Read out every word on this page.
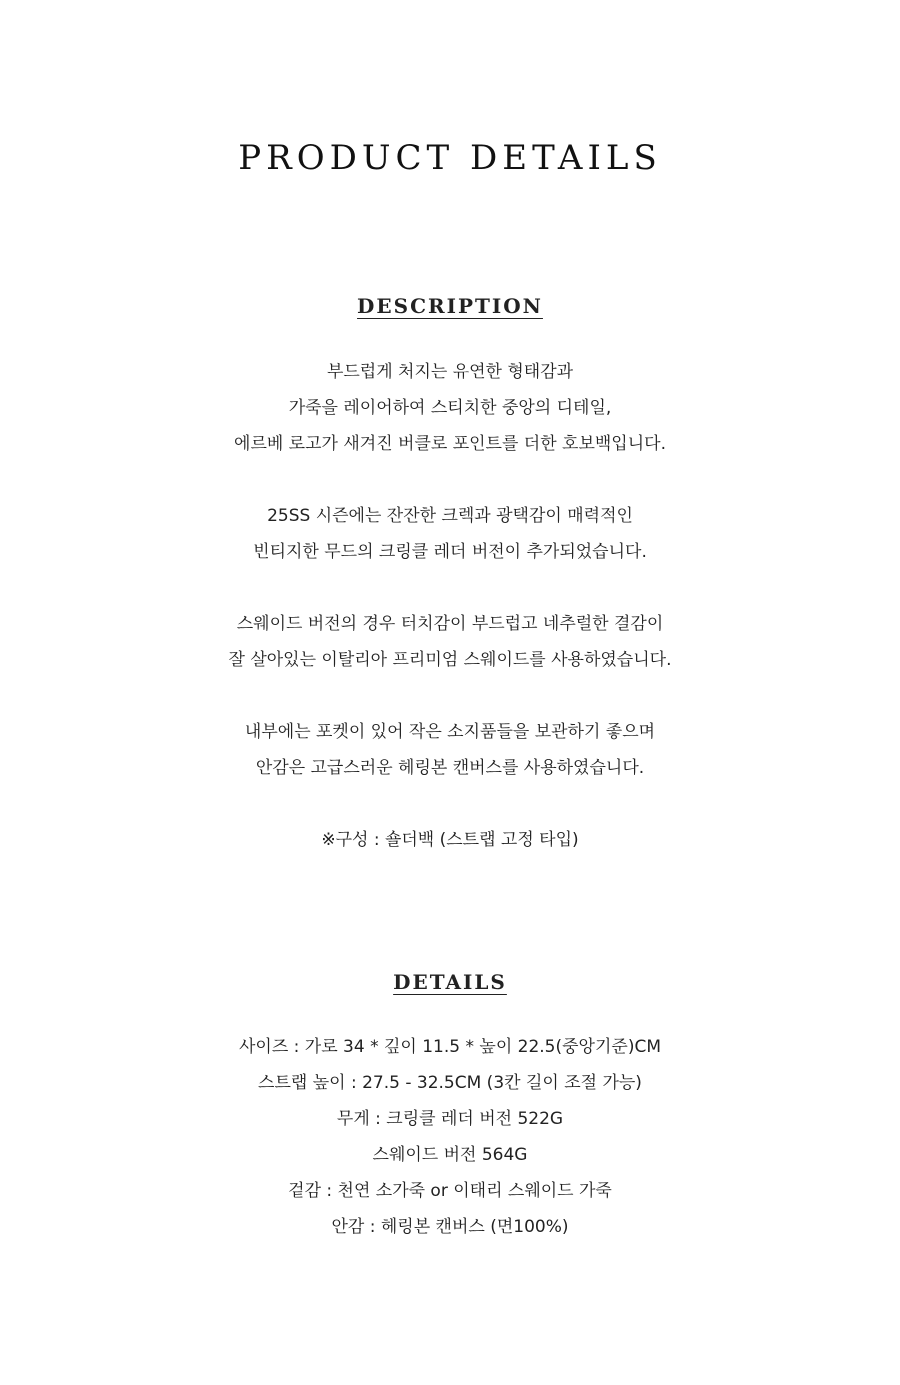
PRODUCT DETAILS
DESCRIPTION
부드럽게 처지는 유연한 형태감과
가죽을 레이어하여 스티치한 중앙의 디테일,
에르베 로고가 새겨진 버클로 포인트를 더한 호보백입니다.
25SS 시즌에는 잔잔한 크렉과 광택감이 매력적인
빈티지한 무드의 크링클 레더 버전이 추가되었습니다.
스웨이드 버전의 경우 터치감이 부드럽고 네추럴한 결감이
잘 살아있는 이탈리아 프리미엄 스웨이드를 사용하였습니다.
내부에는 포켓이 있어 작은 소지품들을 보관하기 좋으며
안감은 고급스러운 헤링본 캔버스를 사용하였습니다.
※구성 : 숄더백 (스트랩 고정 타입)
DETAILS
사이즈 : 가로 34 * 깊이 11.5 * 높이 22.5(중앙기준)CM
스트랩 높이 : 27.5 - 32.5CM (3칸 길이 조절 가능)
무게 : 크링클 레더 버전 522G
스웨이드 버전 564G
겉감 : 천연 소가죽 or 이태리 스웨이드 가죽
안감 : 헤링본 캔버스 (면100%)
